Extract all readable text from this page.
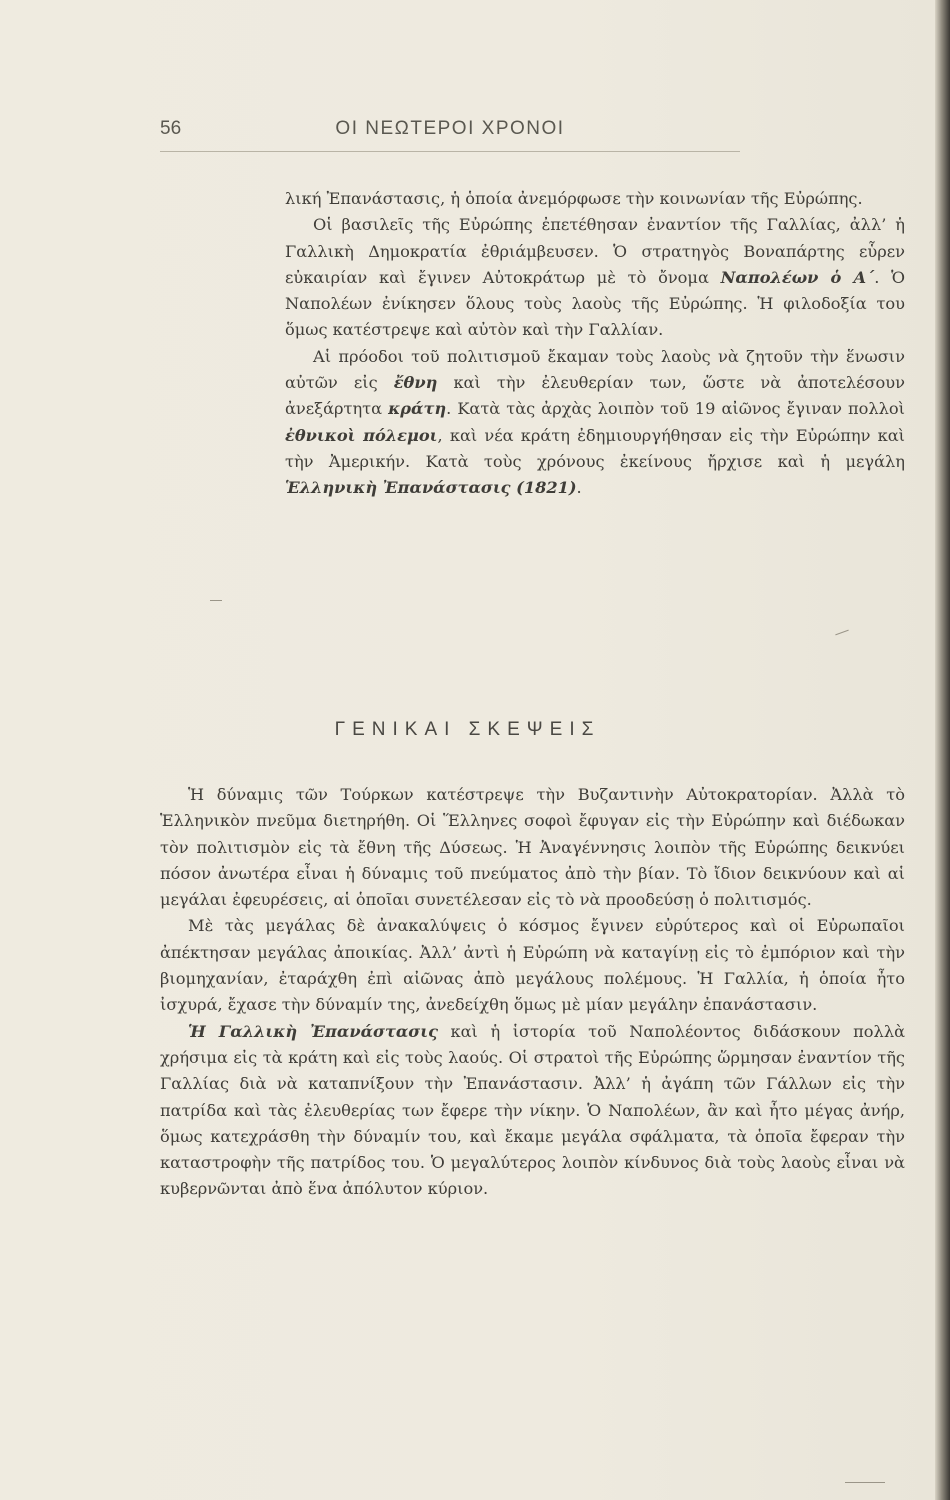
56	ΟΙ ΝΕΩΤΕΡΟΙ ΧΡΟΝΟΙ

λική Ἐπανάστασις, ἡ ὁποία ἀνεμόρφωσε τὴν κοινωνίαν τῆς Εὐρώπης.

Οἱ βασιλεῖς τῆς Εὐρώπης ἐπετέθησαν ἐναντίον τῆς Γαλλίας, ἀλλ’ ἡ Γαλλικὴ Δημοκρατία ἐθριάμβευσεν. Ὁ στρατηγὸς Βοναπάρτης εὗρεν εὐκαιρίαν καὶ ἔγινεν Αὐτοκράτωρ μὲ τὸ ὄνομα Ναπολέων ὁ Α΄. Ὁ Ναπολέων ἐνίκησεν ὅλους τοὺς λαοὺς τῆς Εὐρώπης. Ἡ φιλοδοξία του ὅμως κατέστρεψε καὶ αὐτὸν καὶ τὴν Γαλλίαν.

Αἱ πρόοδοι τοῦ πολιτισμοῦ ἔκαμαν τοὺς λαοὺς νὰ ζητοῦν τὴν ἕνωσιν αὐτῶν εἰς ἔθνη καὶ τὴν ἐλευθερίαν των, ὥστε νὰ ἀποτελέσουν ἀνεξάρτητα κράτη. Κατὰ τὰς ἀρχὰς λοιπὸν τοῦ 19 αἰῶνος ἔγιναν πολλοὶ ἐθνικοὶ πόλεμοι, καὶ νέα κράτη ἐδημιουργήθησαν εἰς τὴν Εὐρώπην καὶ τὴν Ἀμερικήν. Κατὰ τοὺς χρόνους ἐκείνους ἤρχισε καὶ ἡ μεγάλη Ἑλληνικὴ Ἐπανάστασις (1821).

ΓΕΝΙΚΑΙ ΣΚΕΨΕΙΣ

Ἡ δύναμις τῶν Τούρκων κατέστρεψε τὴν Βυζαντινὴν Αὐτοκρατορίαν. Ἀλλὰ τὸ Ἑλληνικὸν πνεῦμα διετηρήθη. Οἱ Ἕλληνες σοφοὶ ἔφυγαν εἰς τὴν Εὐρώπην καὶ διέδωκαν τὸν πολιτισμὸν εἰς τὰ ἔθνη τῆς Δύσεως. Ἡ Ἀναγέννησις λοιπὸν τῆς Εὐρώπης δεικνύει πόσον ἀνωτέρα εἶναι ἡ δύναμις τοῦ πνεύματος ἀπὸ τὴν βίαν. Τὸ ἴδιον δεικνύουν καὶ αἱ μεγάλαι ἐφευρέσεις, αἱ ὁποῖαι συνετέλεσαν εἰς τὸ νὰ προοδεύσῃ ὁ πολιτισμός.

Μὲ τὰς μεγάλας δὲ ἀνακαλύψεις ὁ κόσμος ἔγινεν εὐρύτερος καὶ οἱ Εὐρωπαῖοι ἀπέκτησαν μεγάλας ἀποικίας. Ἀλλ’ ἀντὶ ἡ Εὐρώπη νὰ καταγίνῃ εἰς τὸ ἐμπόριον καὶ τὴν βιομηχανίαν, ἐταράχθη ἐπὶ αἰῶνας ἀπὸ μεγάλους πολέμους. Ἡ Γαλλία, ἡ ὁποία ἦτο ἰσχυρά, ἔχασε τὴν δύναμίν της, ἀνεδείχθη ὅμως μὲ μίαν μεγάλην ἐπανάστασιν.

Ἡ Γαλλικὴ Ἐπανάστασις καὶ ἡ ἱστορία τοῦ Ναπολέοντος διδάσκουν πολλὰ χρήσιμα εἰς τὰ κράτη καὶ εἰς τοὺς λαούς. Οἱ στρατοὶ τῆς Εὐρώπης ὥρμησαν ἐναντίον τῆς Γαλλίας διὰ νὰ καταπνίξουν τὴν Ἐπανάστασιν. Ἀλλ’ ἡ ἀγάπη τῶν Γάλλων εἰς τὴν πατρίδα καὶ τὰς ἐλευθερίας των ἔφερε τὴν νίκην. Ὁ Ναπολέων, ἂν καὶ ἦτο μέγας ἀνήρ, ὅμως κατεχράσθη τὴν δύναμίν του, καὶ ἔκαμε μεγάλα σφάλματα, τὰ ὁποῖα ἔφεραν τὴν καταστροφὴν τῆς πατρίδος του. Ὁ μεγαλύτερος λοιπὸν κίνδυνος διὰ τοὺς λαοὺς εἶναι νὰ κυβερνῶνται ἀπὸ ἕνα ἀπόλυτον κύριον.
